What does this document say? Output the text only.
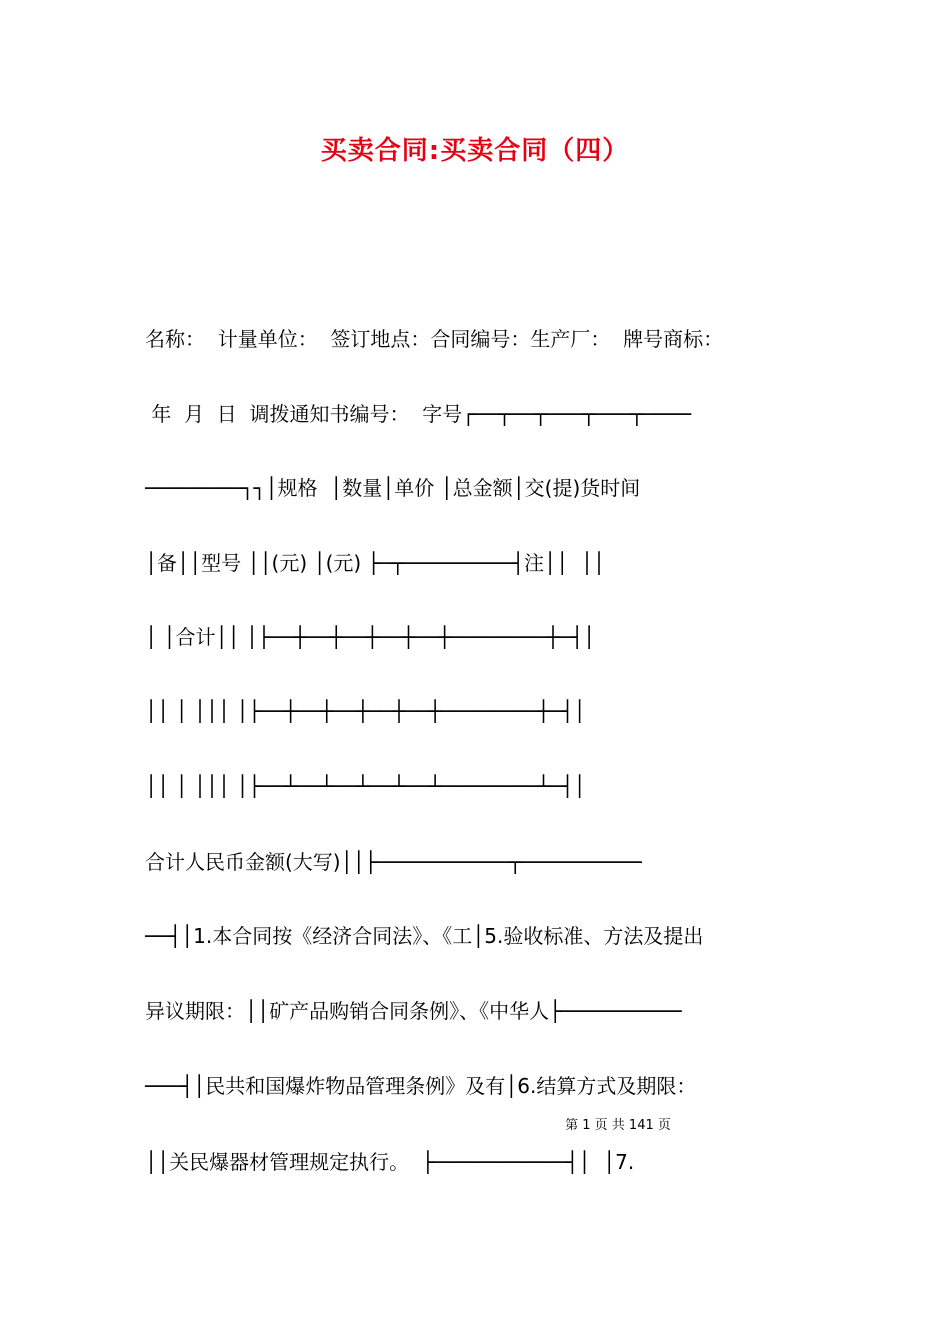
买卖合同:买卖合同（四）
名称：  计量单位：  签订地点：合同编号：生产厂：  牌号商标：
年  月  日  调拨通知书编号：  字号┌──┬──┬───┬───┬────
────────┐┐│规格  │数量│单价 │总金额│交(提)货时间
│备││型号 ││(元) │(元) ├─┬─────────┤注││  ││
│ │合计││ │├──┼──┼──┼──┼──┼────────┼─┤│
││ │ │││ │├──┼──┼──┼──┼──┼────────┼─┤│
││ │ │││ │├──┴──┴──┴──┴──┴────────┴─┤│
合计人民币金额(大写)││├───────────┬──────────
──┤│1.本合同按《经济合同法》、《工│5.验收标准、方法及提出
异议期限：││矿产品购销合同条例》、《中华人├──────────
───┤│民共和国爆炸物品管理条例》及有│6.结算方式及期限：
││关民爆器材管理规定执行。  ├───────────┤│  │7.
第 1 页 共 141 页
